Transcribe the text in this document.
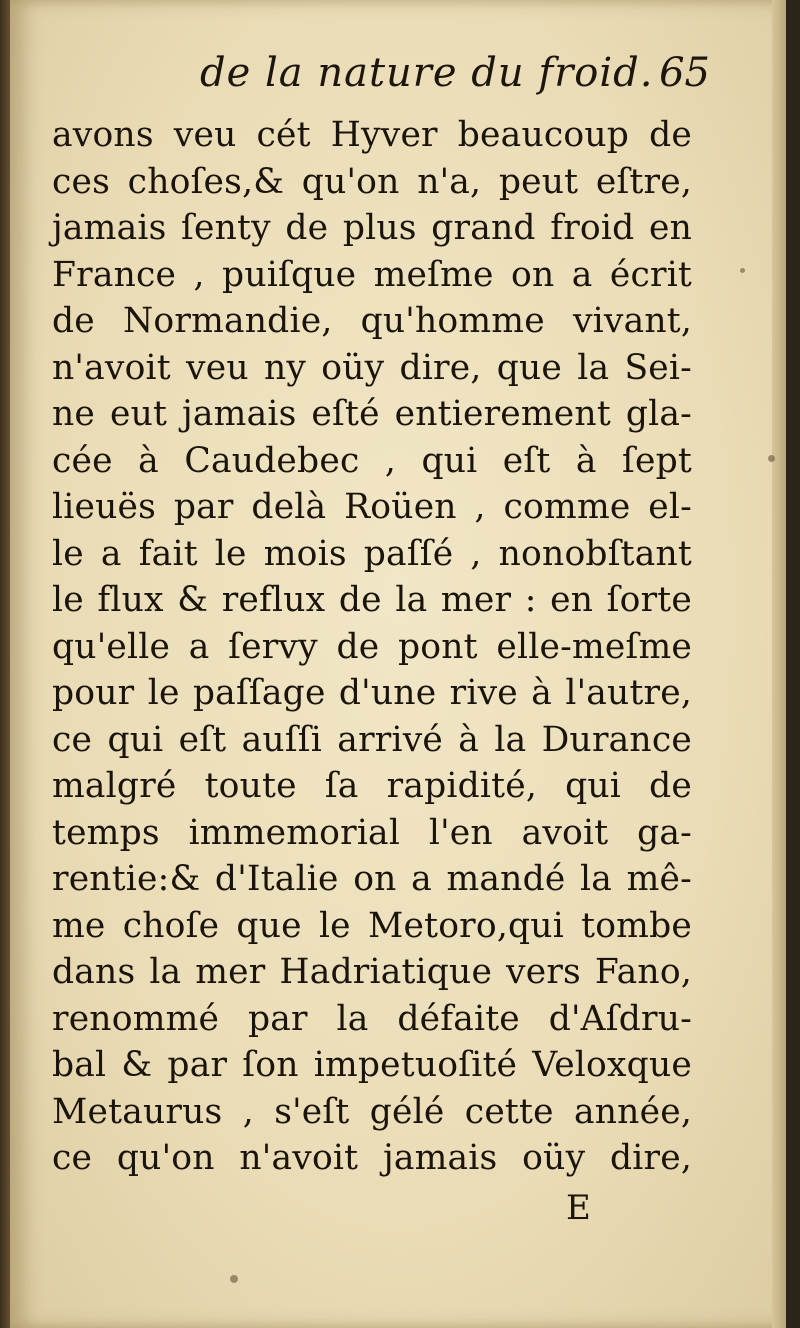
de la nature du froid. 65
avons veu cét Hyver beaucoup de
ces choſes,& qu'on n'a, peut eſtre,
jamais ſenty de plus grand froid en
France , puiſque meſme on a écrit
de Normandie, qu'homme vivant,
n'avoit veu ny oüy dire, que la Sei-
ne eut jamais eſté entierement gla-
cée à Caudebec , qui eſt à ſept
lieuës par delà Roüen , comme el-
le a fait le mois paſſé , nonobſtant
le flux & reflux de la mer : en ſorte
qu'elle a ſervy de pont elle-meſme
pour le paſſage d'une rive à l'autre,
ce qui eſt auſſi arrivé à la Durance
malgré toute ſa rapidité, qui de
temps immemorial l'en avoit ga-
rentie:& d'Italie on a mandé la mê-
me choſe que le Metoro,qui tombe
dans la mer Hadriatique vers Fano,
renommé par la défaite d'Aſdru-
bal & par ſon impetuoſité Veloxque
Metaurus , s'eſt gélé cette année,
ce qu'on n'avoit jamais oüy dire,
E
